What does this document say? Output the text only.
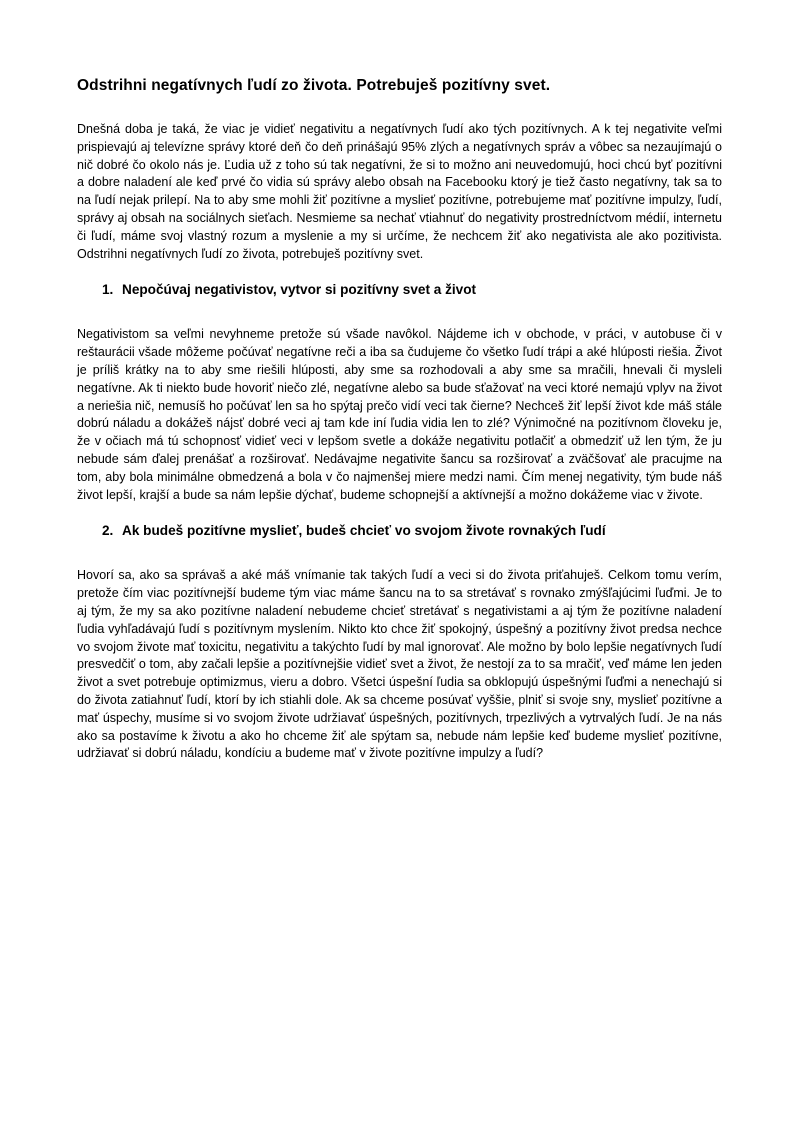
Odstrihni negatívnych ľudí zo života. Potrebuješ pozitívny svet.

Dnešná doba je taká, že viac je vidieť negativitu a negatívnych ľudí ako tých pozitívnych. A k tej negativite veľmi prispievajú aj televízne správy ktoré deň čo deň prinášajú 95% zlých a negatívnych správ a vôbec sa nezaujímajú o nič dobré čo okolo nás je. Ľudia už z toho sú tak negatívni, že si to možno ani neuvedomujú, hoci chcú byť pozitívni a dobre naladení ale keď prvé čo vidia sú správy alebo obsah na Facebooku ktorý je tiež často negatívny, tak sa to na ľudí nejak prilepí. Na to aby sme mohli žiť pozitívne a myslieť pozitívne, potrebujeme mať pozitívne impulzy, ľudí, správy aj obsah na sociálnych sieťach. Nesmieme sa nechať vtiahnuť do negativity prostredníctvom médií, internetu či ľudí, máme svoj vlastný rozum a myslenie a my si určíme, že nechcem žiť ako negativista ale ako pozitivista. Odstrihni negatívnych ľudí zo života, potrebuješ pozitívny svet.

1. Nepočúvaj negativistov, vytvor si pozitívny svet a život

Negativistom sa veľmi nevyhneme pretože sú všade navôkol. Nájdeme ich v obchode, v práci, v autobuse či v reštaurácii všade môžeme počúvať negatívne reči a iba sa čudujeme čo všetko ľudí trápi a aké hlúposti riešia. Život je príliš krátky na to aby sme riešili hlúposti, aby sme sa rozhodovali a aby sme sa mračili, hnevali či mysleli negatívne. Ak ti niekto bude hovoriť niečo zlé, negatívne alebo sa bude sťažovať na veci ktoré nemajú vplyv na život a neriešia nič, nemusíš ho počúvať len sa ho spýtaj prečo vidí veci tak čierne? Nechceš žiť lepší život kde máš stále dobrú náladu a dokážeš nájsť dobré veci aj tam kde iní ľudia vidia len to zlé? Výnimočné na pozitívnom človeku je, že v očiach má tú schopnosť vidieť veci v lepšom svetle a dokáže negativitu potlačiť a obmedziť už len tým, že ju nebude sám ďalej prenášať a rozširovať. Nedávajme negativite šancu sa rozširovať a zväčšovať ale pracujme na tom, aby bola minimálne obmedzená a bola v čo najmenšej miere medzi nami. Čím menej negativity, tým bude náš život lepší, krajší a bude sa nám lepšie dýchať, budeme schopnejší a aktívnejší a možno dokážeme viac v živote.

2. Ak budeš pozitívne myslieť, budeš chcieť vo svojom živote rovnakých ľudí

Hovorí sa, ako sa správaš a aké máš vnímanie tak takých ľudí a veci si do života priťahuješ. Celkom tomu verím, pretože čím viac pozitívnejší budeme tým viac máme šancu na to sa stretávať s rovnako zmýšľajúcimi ľuďmi. Je to aj tým, že my sa ako pozitívne naladení nebudeme chcieť stretávať s negativistami a aj tým že pozitívne naladení ľudia vyhľadávajú ľudí s pozitívnym myslením. Nikto kto chce žiť spokojný, úspešný a pozitívny život predsa nechce vo svojom živote mať toxicitu, negativitu a takýchto ľudí by mal ignorovať. Ale možno by bolo lepšie negatívnych ľudí presvedčiť o tom, aby začali lepšie a pozitívnejšie vidieť svet a život, že nestojí za to sa mračiť, veď máme len jeden život a svet potrebuje optimizmus, vieru a dobro. Všetci úspešní ľudia sa obklopujú úspešnými ľuďmi a nenechajú si do života zatiahnuť ľudí, ktorí by ich stiahli dole. Ak sa chceme posúvať vyššie, plniť si svoje sny, myslieť pozitívne a mať úspechy, musíme si vo svojom živote udržiavať úspešných, pozitívnych, trpezlivých a vytrvalých ľudí. Je na nás ako sa postavíme k životu a ako ho chceme žiť ale spýtam sa, nebude nám lepšie keď budeme myslieť pozitívne, udržiavať si dobrú náladu, kondíciu a budeme mať v živote pozitívne impulzy a ľudí?
